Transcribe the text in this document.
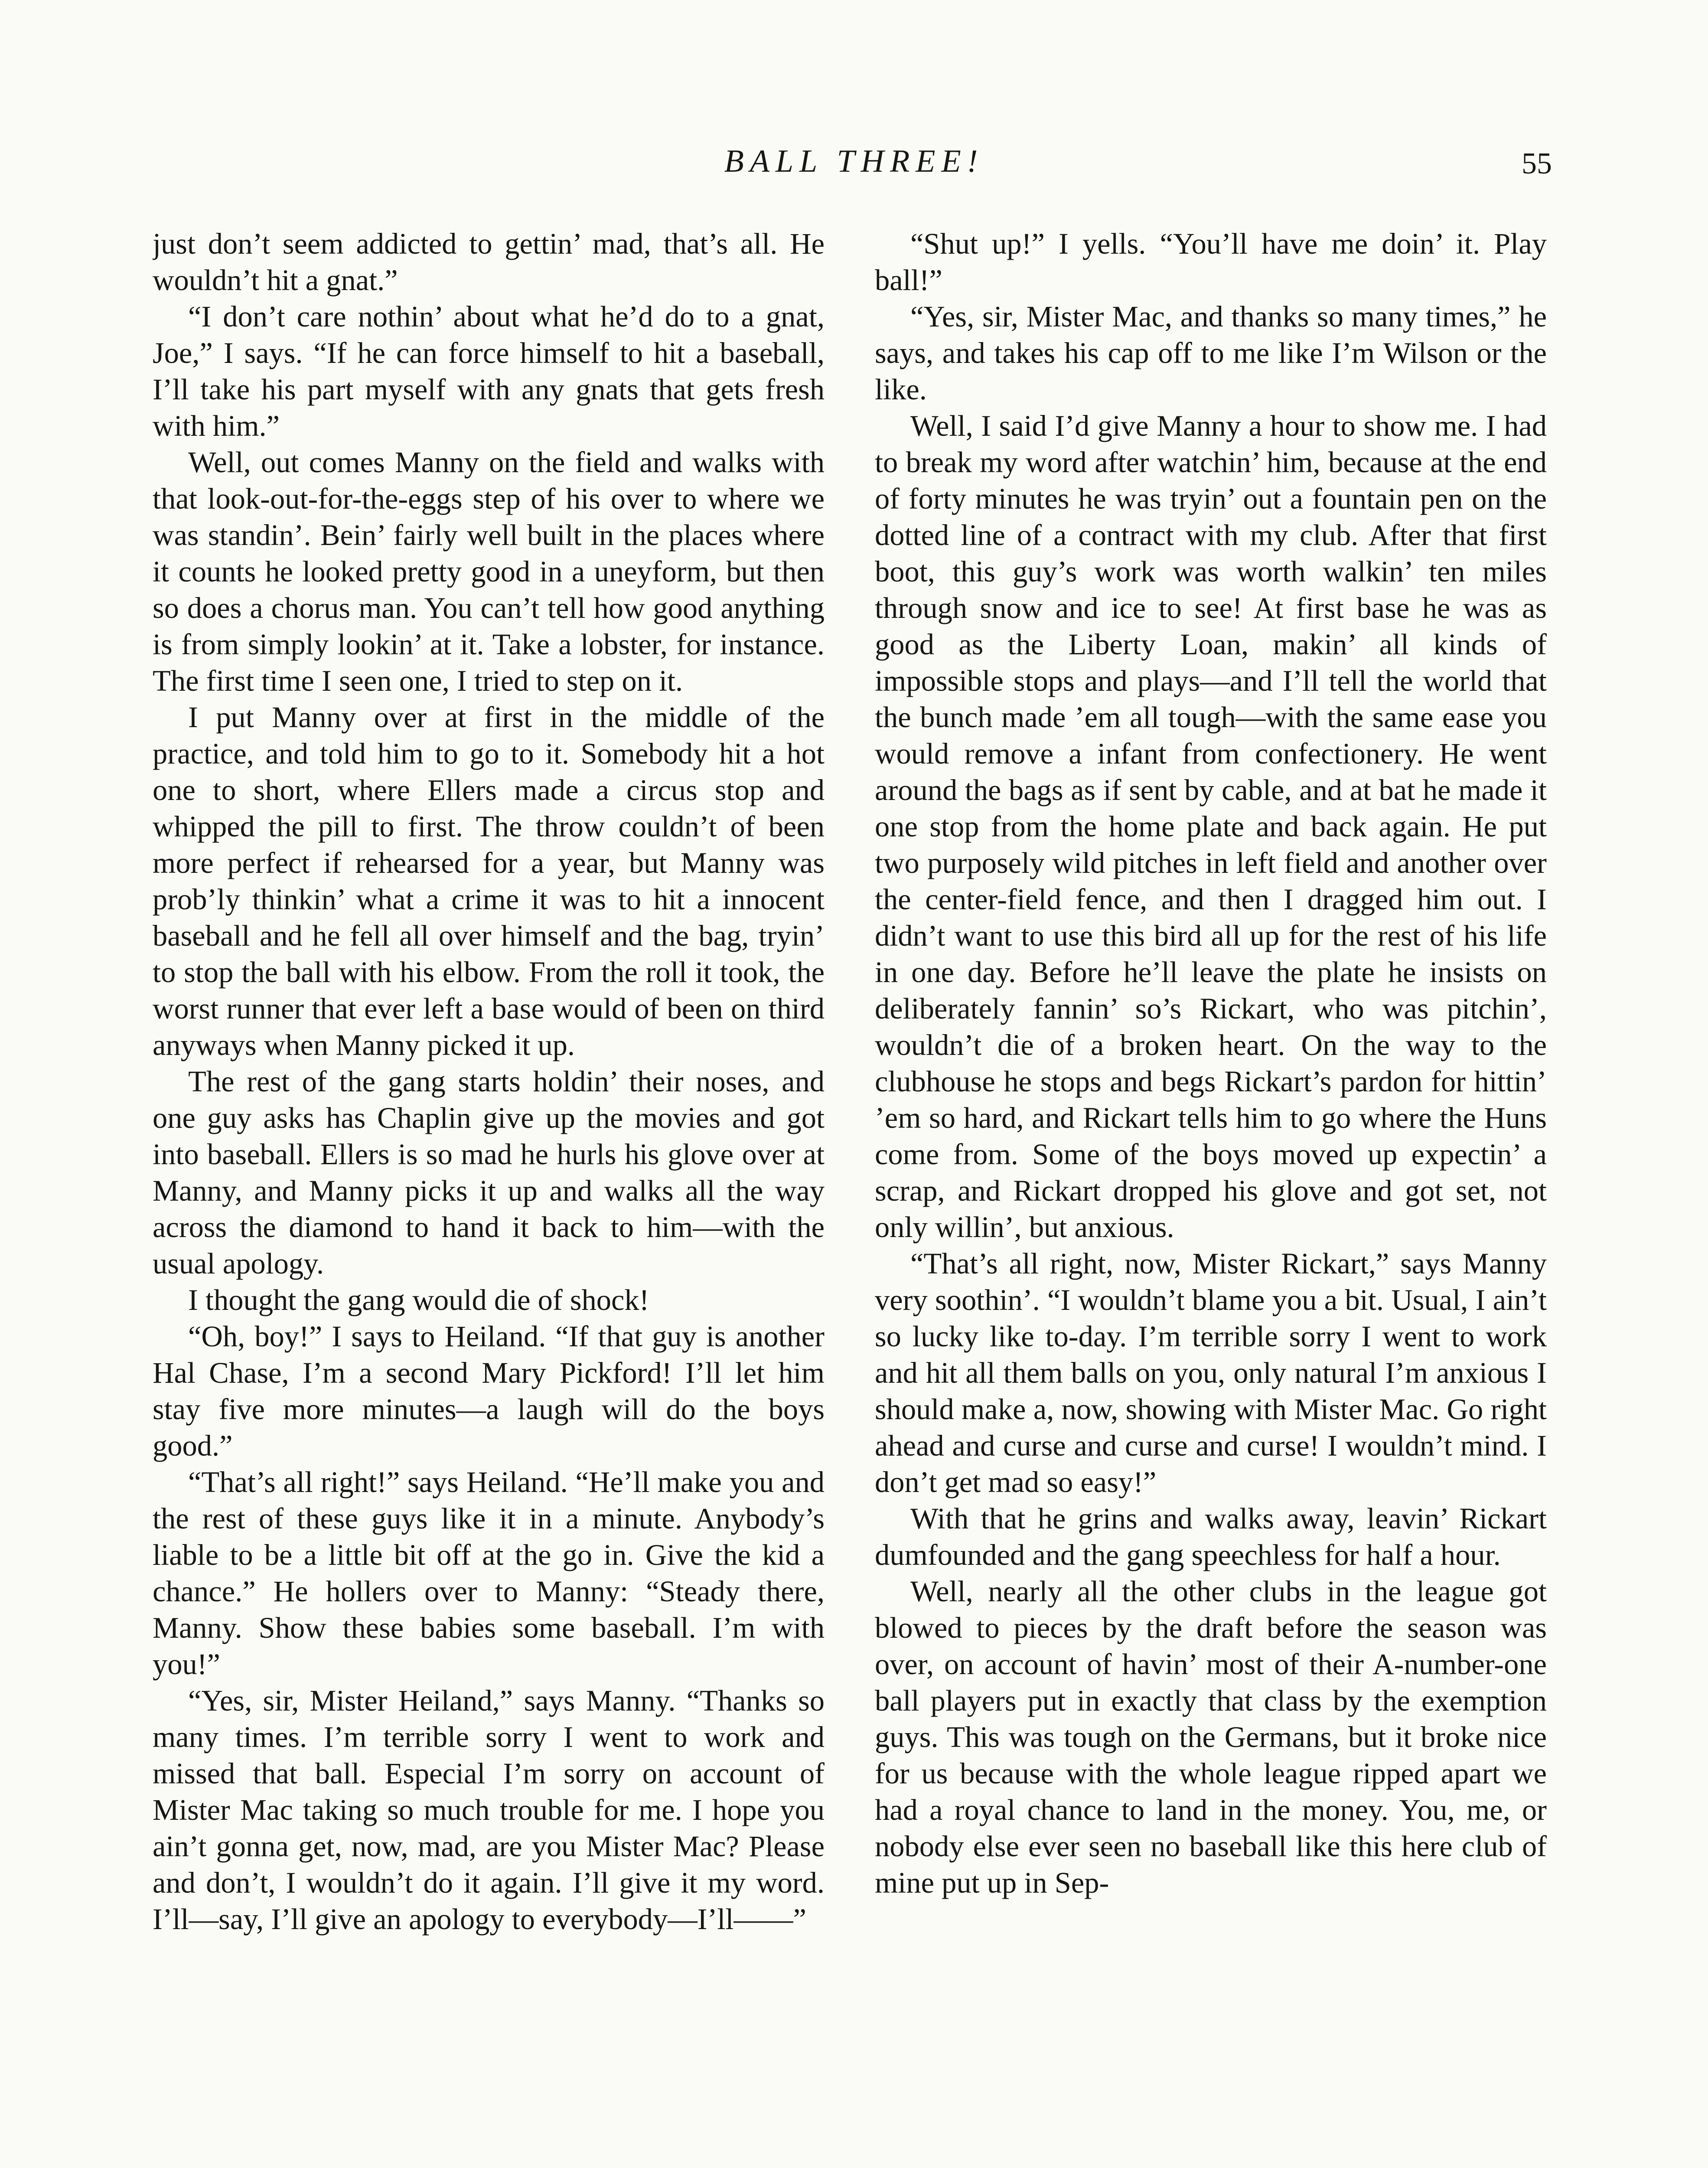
BALL THREE!	55

just don’t seem addicted to gettin’ mad, that’s all. He wouldn’t hit a gnat.”

“I don’t care nothin’ about what he’d do to a gnat, Joe,” I says. “If he can force himself to hit a baseball, I’ll take his part myself with any gnats that gets fresh with him.”

Well, out comes Manny on the field and walks with that look-out-for-the-eggs step of his over to where we was standin’. Bein’ fairly well built in the places where it counts he looked pretty good in a uneyform, but then so does a chorus man. You can’t tell how good anything is from simply lookin’ at it. Take a lobster, for instance. The first time I seen one, I tried to step on it.

I put Manny over at first in the middle of the practice, and told him to go to it. Somebody hit a hot one to short, where Ellers made a circus stop and whipped the pill to first. The throw couldn’t of been more perfect if rehearsed for a year, but Manny was prob’ly thinkin’ what a crime it was to hit a innocent baseball and he fell all over himself and the bag, tryin’ to stop the ball with his elbow. From the roll it took, the worst runner that ever left a base would of been on third anyways when Manny picked it up.

The rest of the gang starts holdin’ their noses, and one guy asks has Chaplin give up the movies and got into baseball. Ellers is so mad he hurls his glove over at Manny, and Manny picks it up and walks all the way across the diamond to hand it back to him—with the usual apology.

I thought the gang would die of shock!

“Oh, boy!” I says to Heiland. “If that guy is another Hal Chase, I’m a second Mary Pickford! I’ll let him stay five more minutes—a laugh will do the boys good.”

“That’s all right!” says Heiland. “He’ll make you and the rest of these guys like it in a minute. Anybody’s liable to be a little bit off at the go in. Give the kid a chance.” He hollers over to Manny: “Steady there, Manny. Show these babies some baseball. I’m with you!”

“Yes, sir, Mister Heiland,” says Manny. “Thanks so many times. I’m terrible sorry I went to work and missed that ball. Especial I’m sorry on account of Mister Mac taking so much trouble for me. I hope you ain’t gonna get, now, mad, are you Mister Mac? Please and don’t, I wouldn’t do it again. I’ll give it my word. I’ll—say, I’ll give an apology to everybody—I’ll——”

“Shut up!” I yells. “You’ll have me doin’ it. Play ball!”

“Yes, sir, Mister Mac, and thanks so many times,” he says, and takes his cap off to me like I’m Wilson or the like.

Well, I said I’d give Manny a hour to show me. I had to break my word after watchin’ him, because at the end of forty minutes he was tryin’ out a fountain pen on the dotted line of a contract with my club. After that first boot, this guy’s work was worth walkin’ ten miles through snow and ice to see! At first base he was as good as the Liberty Loan, makin’ all kinds of impossible stops and plays—and I’ll tell the world that the bunch made ’em all tough—with the same ease you would remove a infant from confectionery. He went around the bags as if sent by cable, and at bat he made it one stop from the home plate and back again. He put two purposely wild pitches in left field and another over the center-field fence, and then I dragged him out. I didn’t want to use this bird all up for the rest of his life in one day. Before he’ll leave the plate he insists on deliberately fannin’ so’s Rickart, who was pitchin’, wouldn’t die of a broken heart. On the way to the clubhouse he stops and begs Rickart’s pardon for hittin’ ’em so hard, and Rickart tells him to go where the Huns come from. Some of the boys moved up expectin’ a scrap, and Rickart dropped his glove and got set, not only willin’, but anxious.

“That’s all right, now, Mister Rickart,” says Manny very soothin’. “I wouldn’t blame you a bit. Usual, I ain’t so lucky like to-day. I’m terrible sorry I went to work and hit all them balls on you, only natural I’m anxious I should make a, now, showing with Mister Mac. Go right ahead and curse and curse and curse! I wouldn’t mind. I don’t get mad so easy!”

With that he grins and walks away, leavin’ Rickart dumfounded and the gang speechless for half a hour.

Well, nearly all the other clubs in the league got blowed to pieces by the draft before the season was over, on account of havin’ most of their A-number-one ball players put in exactly that class by the exemption guys. This was tough on the Germans, but it broke nice for us because with the whole league ripped apart we had a royal chance to land in the money. You, me, or nobody else ever seen no baseball like this here club of mine put up in Sep-
